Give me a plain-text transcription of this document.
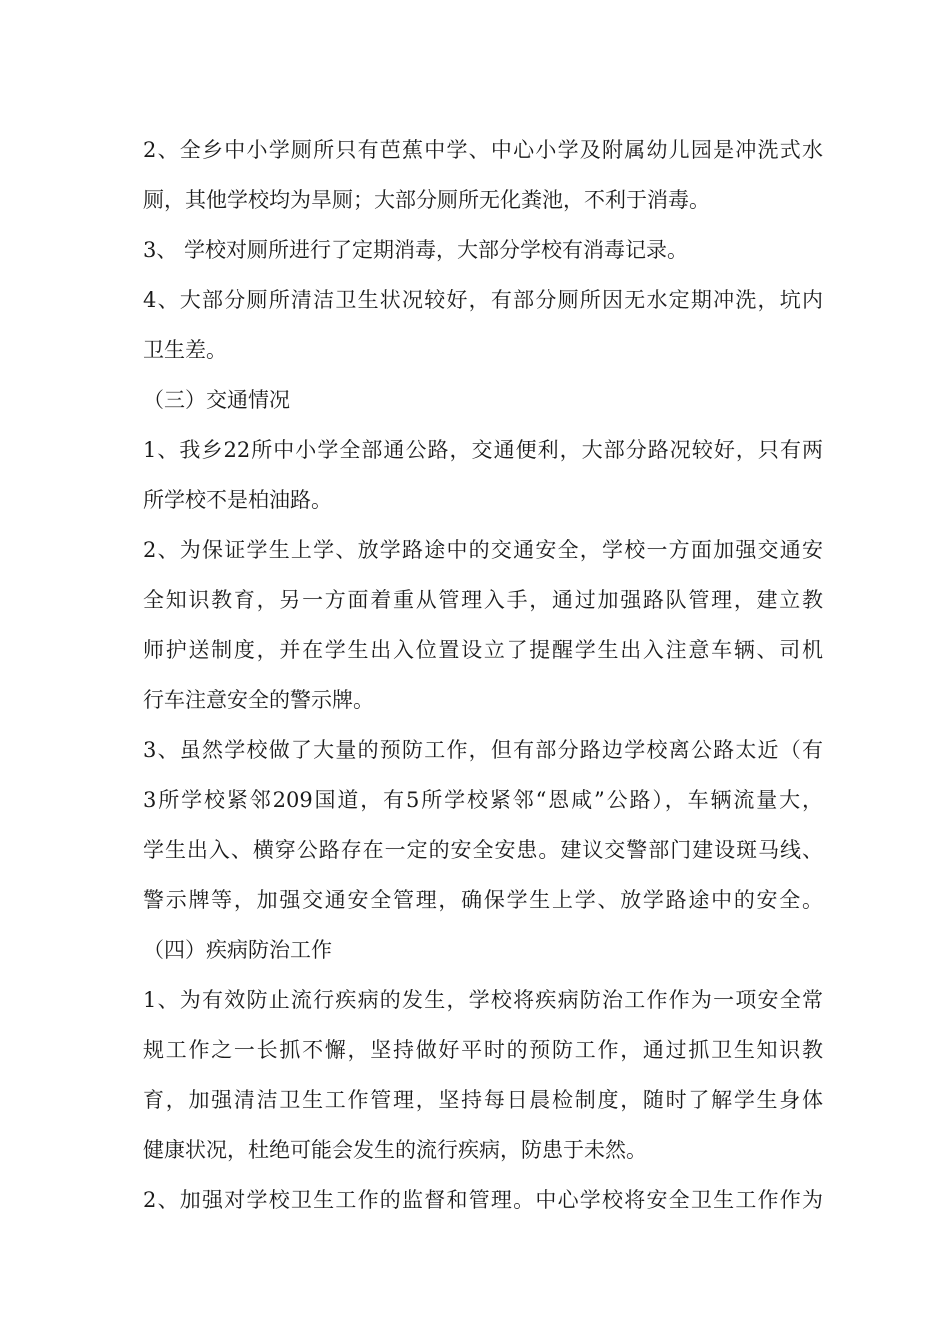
2、全乡中小学厕所只有芭蕉中学、中心小学及附属幼儿园是冲洗式水
厕，其他学校均为旱厕；大部分厕所无化粪池，不利于消毒。
3、 学校对厕所进行了定期消毒，大部分学校有消毒记录。
4、大部分厕所清洁卫生状况较好，有部分厕所因无水定期冲洗，坑内
卫生差。
（三）交通情况
1、我乡22所中小学全部通公路，交通便利，大部分路况较好，只有两
所学校不是柏油路。
2、为保证学生上学、放学路途中的交通安全，学校一方面加强交通安
全知识教育，另一方面着重从管理入手，通过加强路队管理，建立教
师护送制度，并在学生出入位置设立了提醒学生出入注意车辆、司机
行车注意安全的警示牌。
3、虽然学校做了大量的预防工作，但有部分路边学校离公路太近（有
3所学校紧邻209国道，有5所学校紧邻“恩咸”公路），车辆流量大，
学生出入、横穿公路存在一定的安全安患。建议交警部门建设斑马线、
警示牌等，加强交通安全管理，确保学生上学、放学路途中的安全。
（四）疾病防治工作
1、为有效防止流行疾病的发生，学校将疾病防治工作作为一项安全常
规工作之一长抓不懈，坚持做好平时的预防工作，通过抓卫生知识教
育，加强清洁卫生工作管理，坚持每日晨检制度，随时了解学生身体
健康状况，杜绝可能会发生的流行疾病，防患于未然。
2、加强对学校卫生工作的监督和管理。中心学校将安全卫生工作作为
